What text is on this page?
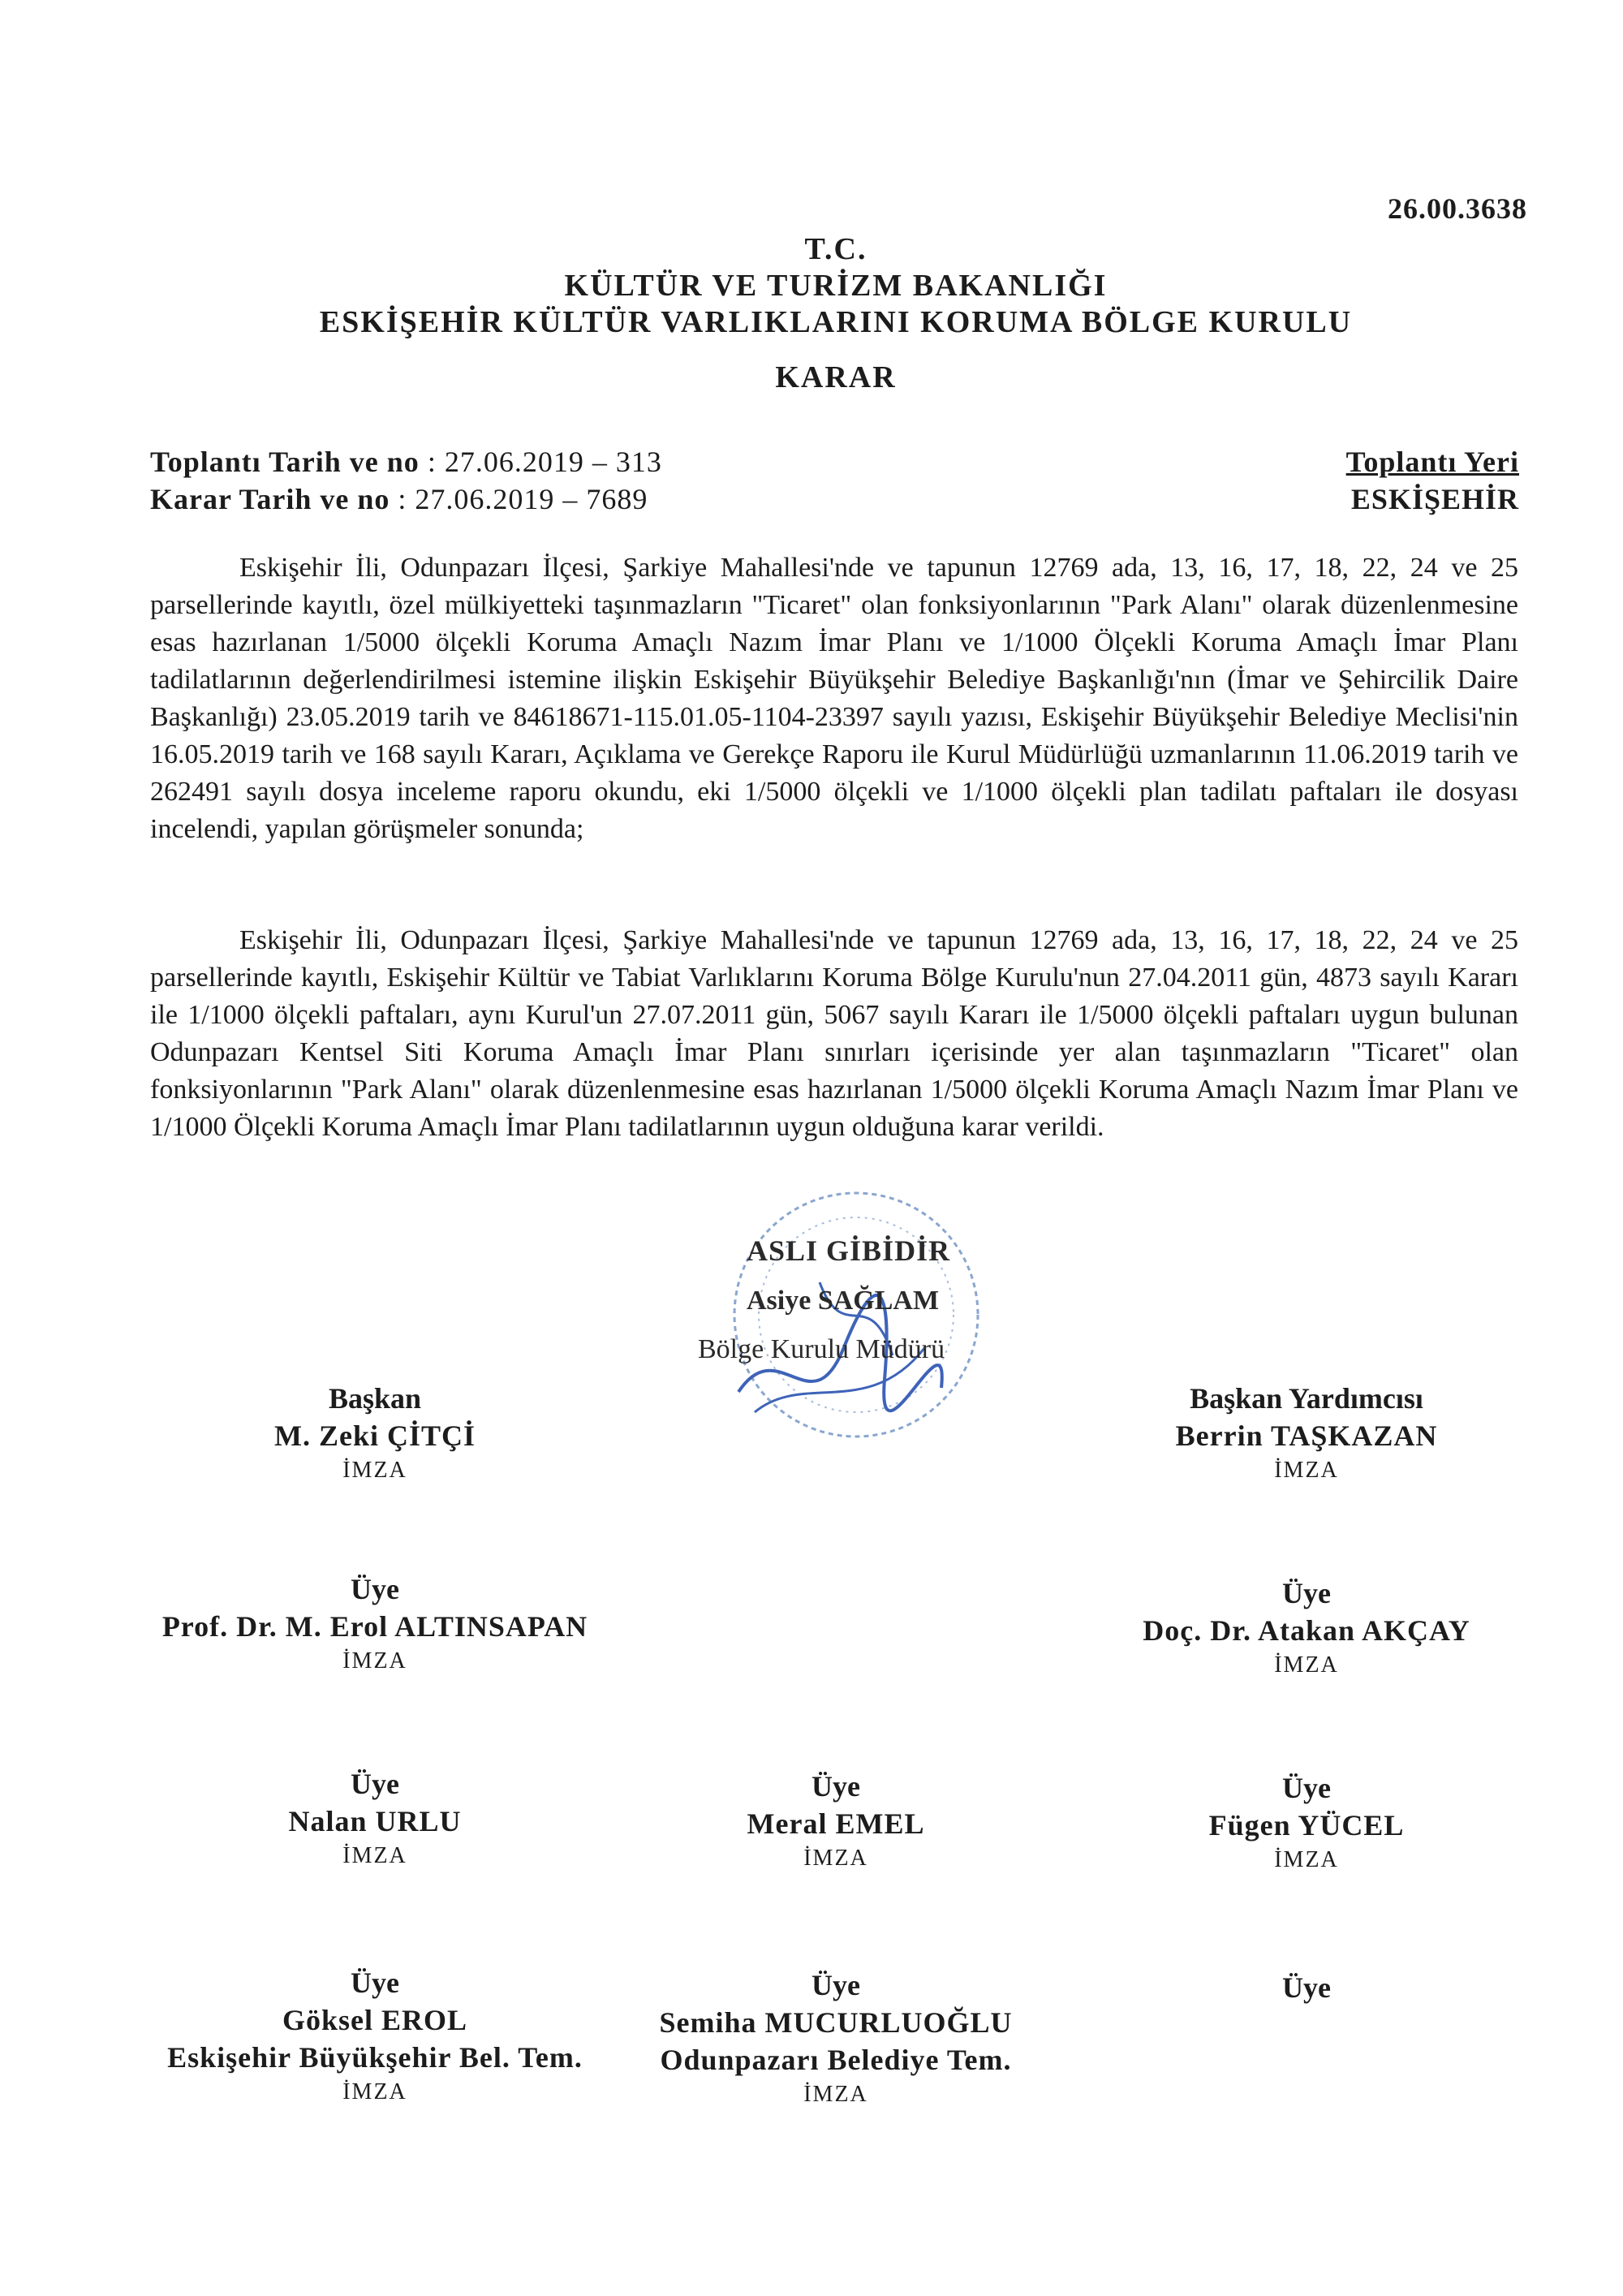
26.00.3638
T.C.
KÜLTÜR VE TURİZM BAKANLIĞI
ESKİŞEHİR KÜLTÜR VARLIKLARINI KORUMA BÖLGE KURULU
KARAR
Toplantı Tarih ve no : 27.06.2019 – 313
Karar Tarih ve no : 27.06.2019 – 7689
Toplantı Yeri
ESKİŞEHİR

Eskişehir İli, Odunpazarı İlçesi, Şarkiye Mahallesi'nde ve tapunun 12769 ada, 13, 16, 17, 18, 22, 24 ve 25 parsellerinde kayıtlı, özel mülkiyetteki taşınmazların "Ticaret" olan fonksiyonlarının "Park Alanı" olarak düzenlenmesine esas hazırlanan 1/5000 ölçekli Koruma Amaçlı Nazım İmar Planı ve 1/1000 Ölçekli Koruma Amaçlı İmar Planı tadilatlarının değerlendirilmesi istemine ilişkin Eskişehir Büyükşehir Belediye Başkanlığı'nın (İmar ve Şehircilik Daire Başkanlığı) 23.05.2019 tarih ve 84618671-115.01.05-1104-23397 sayılı yazısı, Eskişehir Büyükşehir Belediye Meclisi'nin 16.05.2019 tarih ve 168 sayılı Kararı, Açıklama ve Gerekçe Raporu ile Kurul Müdürlüğü uzmanlarının 11.06.2019 tarih ve 262491 sayılı dosya inceleme raporu okundu, eki 1/5000 ölçekli ve 1/1000 ölçekli plan tadilatı paftaları ile dosyası incelendi, yapılan görüşmeler sonunda;

Eskişehir İli, Odunpazarı İlçesi, Şarkiye Mahallesi'nde ve tapunun 12769 ada, 13, 16, 17, 18, 22, 24 ve 25 parsellerinde kayıtlı, Eskişehir Kültür ve Tabiat Varlıklarını Koruma Bölge Kurulu'nun 27.04.2011 gün, 4873 sayılı Kararı ile 1/1000 ölçekli paftaları, aynı Kurul'un 27.07.2011 gün, 5067 sayılı Kararı ile 1/5000 ölçekli paftaları uygun bulunan Odunpazarı Kentsel Siti Koruma Amaçlı İmar Planı sınırları içerisinde yer alan taşınmazların "Ticaret" olan fonksiyonlarının "Park Alanı" olarak düzenlenmesine esas hazırlanan 1/5000 ölçekli Koruma Amaçlı Nazım İmar Planı ve 1/1000 Ölçekli Koruma Amaçlı İmar Planı tadilatlarının uygun olduğuna karar verildi.

ASLI GİBİDİR
Asiye SAĞLAM
Bölge Kurulu Müdürü
Başkan
M. Zeki ÇİTÇİ
İMZA
Başkan Yardımcısı
Berrin TAŞKAZAN
İMZA
Üye
Prof. Dr. M. Erol ALTINSAPAN
İMZA
Üye
Doç. Dr. Atakan AKÇAY
İMZA
Üye
Nalan URLU
İMZA
Üye
Meral EMEL
İMZA
Üye
Fügen YÜCEL
İMZA
Üye
Göksel EROL
Eskişehir Büyükşehir Bel. Tem.
İMZA
Üye
Semiha MUCURLUOĞLU
Odunpazarı Belediye Tem.
İMZA
Üye
